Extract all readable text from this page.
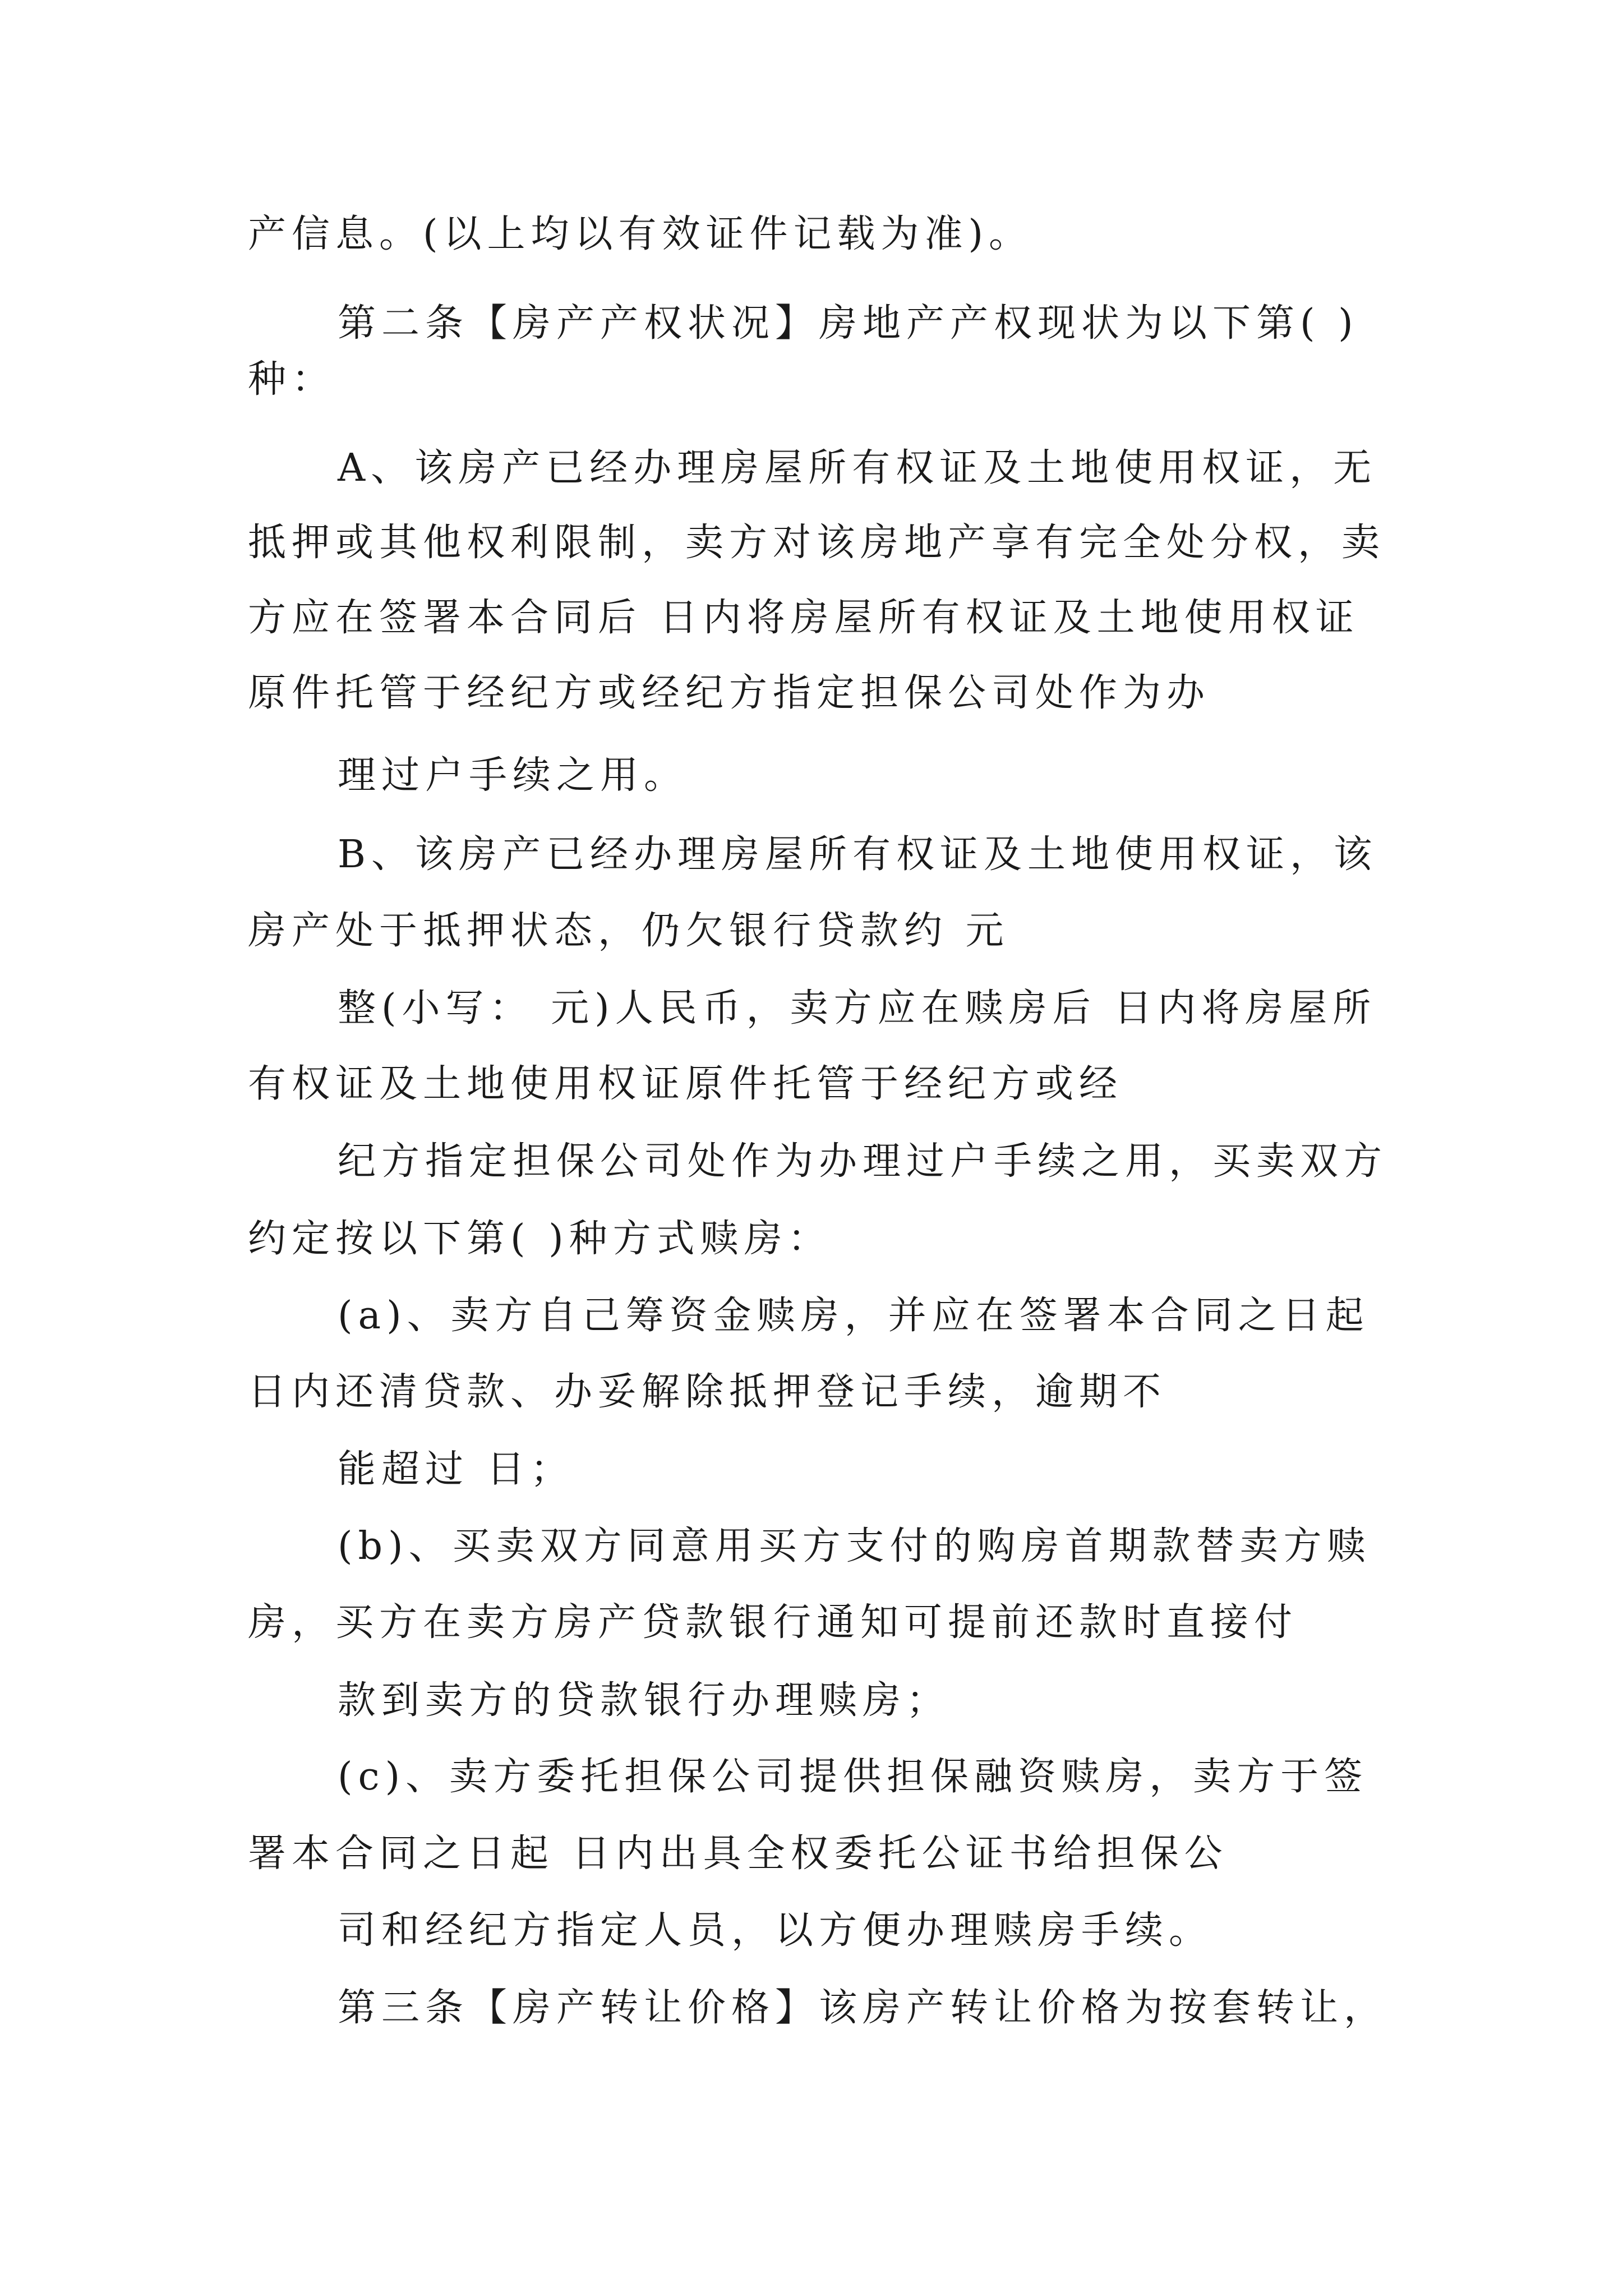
产信息。(以上均以有效证件记载为准)。
第二条【房产产权状况】房地产产权现状为以下第( )
种：
A、该房产已经办理房屋所有权证及土地使用权证，无
抵押或其他权利限制，卖方对该房地产享有完全处分权，卖
方应在签署本合同后 日内将房屋所有权证及土地使用权证
原件托管于经纪方或经纪方指定担保公司处作为办
理过户手续之用。
B、该房产已经办理房屋所有权证及土地使用权证，该
房产处于抵押状态，仍欠银行贷款约 元
整(小写： 元)人民币，卖方应在赎房后 日内将房屋所
有权证及土地使用权证原件托管于经纪方或经
纪方指定担保公司处作为办理过户手续之用，买卖双方
约定按以下第( )种方式赎房：
(a)、卖方自己筹资金赎房，并应在签署本合同之日起
日内还清贷款、办妥解除抵押登记手续，逾期不
能超过 日；
(b)、买卖双方同意用买方支付的购房首期款替卖方赎
房，买方在卖方房产贷款银行通知可提前还款时直接付
款到卖方的贷款银行办理赎房；
(c)、卖方委托担保公司提供担保融资赎房，卖方于签
署本合同之日起 日内出具全权委托公证书给担保公
司和经纪方指定人员，以方便办理赎房手续。
第三条【房产转让价格】该房产转让价格为按套转让，
